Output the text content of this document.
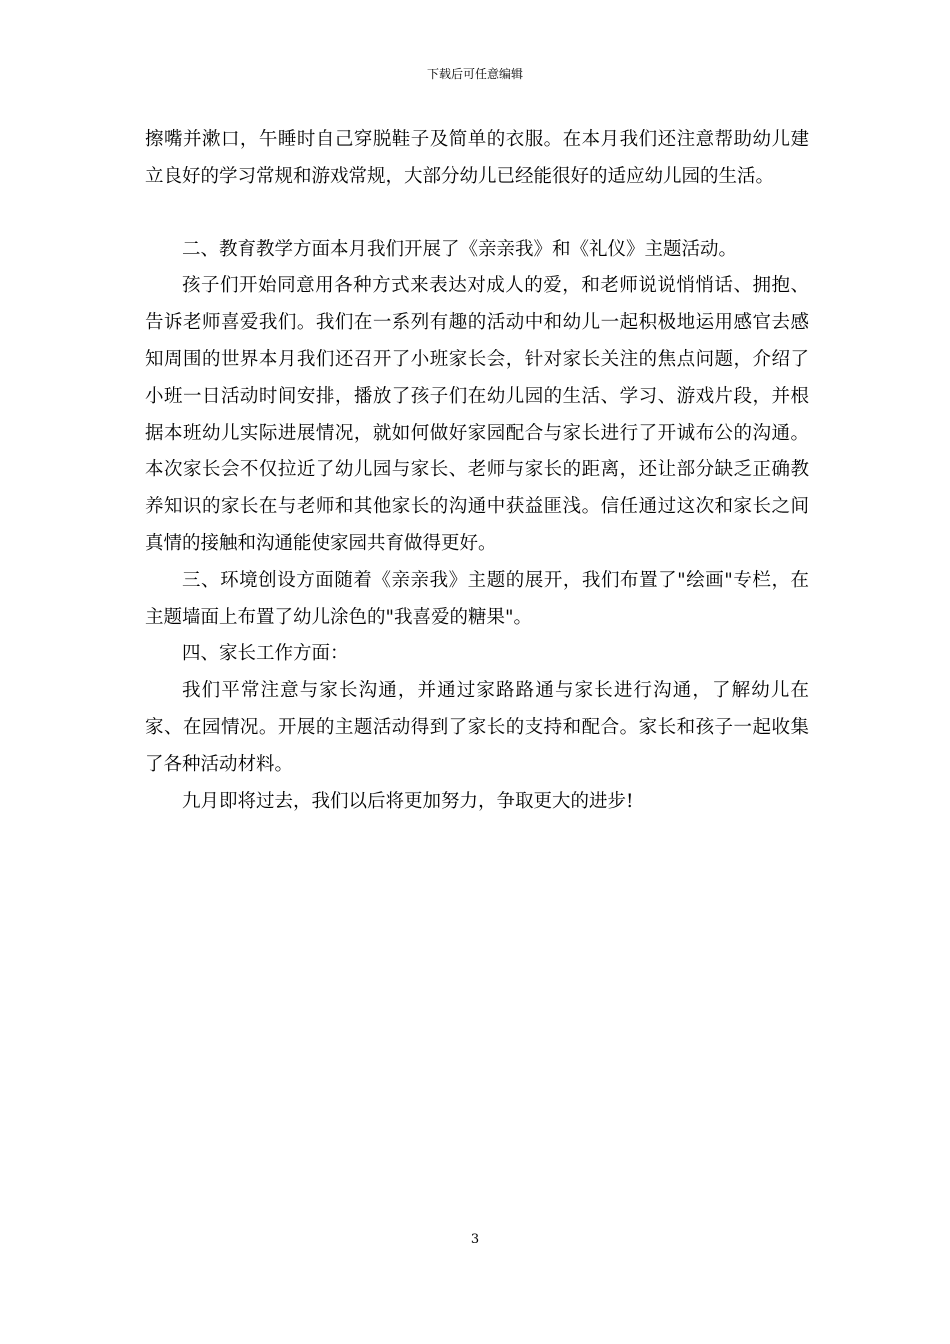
下载后可任意编辑

擦嘴并漱口，午睡时自己穿脱鞋子及简单的衣服。在本月我们还注意帮助幼儿建立良好的学习常规和游戏常规，大部分幼儿已经能很好的适应幼儿园的生活。

二、教育教学方面本月我们开展了《亲亲我》和《礼仪》主题活动。

孩子们开始同意用各种方式来表达对成人的爱，和老师说说悄悄话、拥抱、告诉老师喜爱我们。我们在一系列有趣的活动中和幼儿一起积极地运用感官去感知周围的世界本月我们还召开了小班家长会，针对家长关注的焦点问题，介绍了小班一日活动时间安排，播放了孩子们在幼儿园的生活、学习、游戏片段，并根据本班幼儿实际进展情况，就如何做好家园配合与家长进行了开诚布公的沟通。本次家长会不仅拉近了幼儿园与家长、老师与家长的距离，还让部分缺乏正确教养知识的家长在与老师和其他家长的沟通中获益匪浅。信任通过这次和家长之间真情的接触和沟通能使家园共育做得更好。

三、环境创设方面随着《亲亲我》主题的展开，我们布置了"绘画"专栏，在主题墙面上布置了幼儿涂色的"我喜爱的糖果"。

四、家长工作方面：

我们平常注意与家长沟通，并通过家路路通与家长进行沟通，了解幼儿在家、在园情况。开展的主题活动得到了家长的支持和配合。家长和孩子一起收集了各种活动材料。

九月即将过去，我们以后将更加努力，争取更大的进步!

3
